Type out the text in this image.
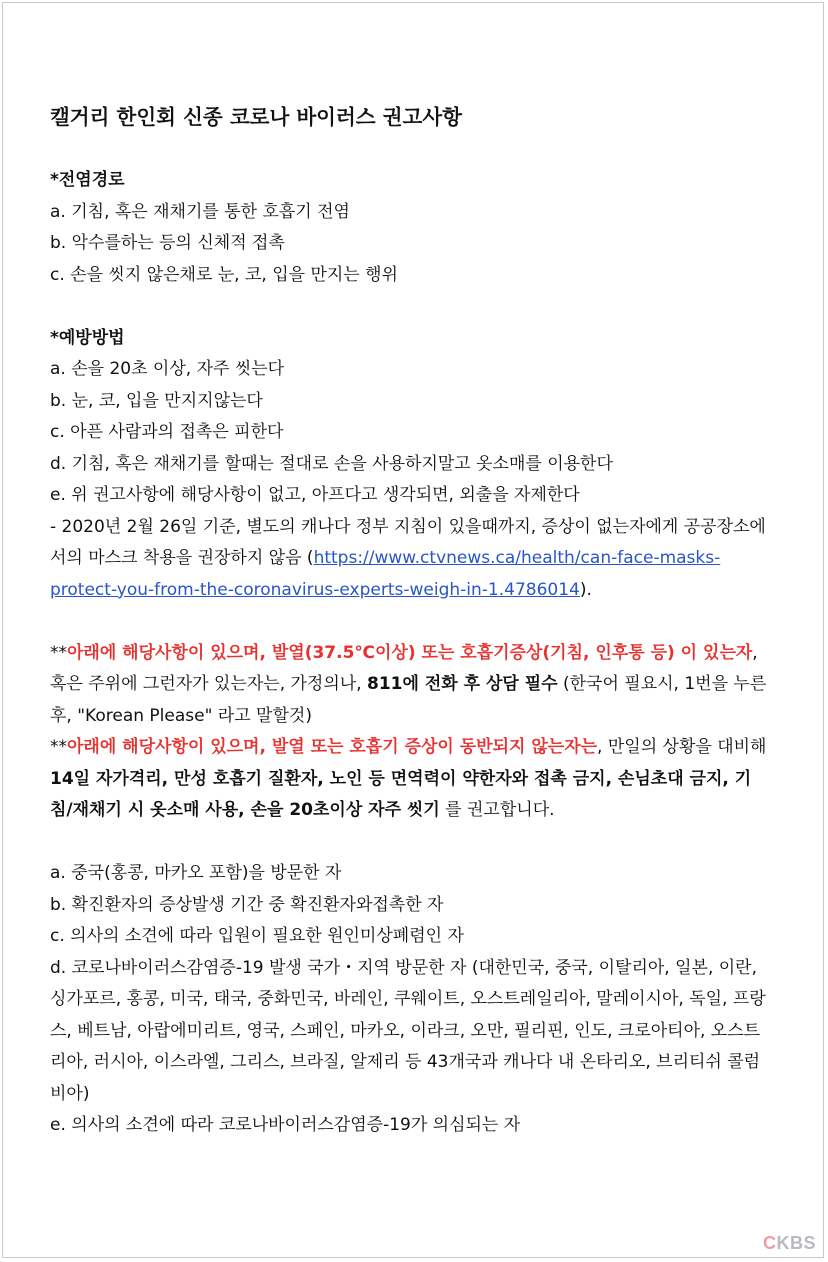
캘거리 한인회 신종 코로나 바이러스 권고사항
*전염경로
a. 기침, 혹은 재채기를 통한 호흡기 전염
b. 악수를하는 등의 신체적 접촉
c. 손을 씻지 않은채로 눈, 코, 입을 만지는 행위
*예방방법
a. 손을 20초 이상, 자주 씻는다
b. 눈, 코, 입을 만지지않는다
c. 아픈 사람과의 접촉은 피한다
d. 기침, 혹은 재채기를 할때는 절대로 손을 사용하지말고 옷소매를 이용한다
e. 위 권고사항에 해당사항이 없고, 아프다고 생각되면, 외출을 자제한다

- 2020년 2월 26일 기준, 별도의 캐나다 정부 지침이 있을때까지, 증상이 없는자에게 공공장소에서의 마스크 착용을 권장하지 않음 (https://www.ctvnews.ca/health/can-face-masks-protect-you-from-the-coronavirus-experts-weigh-in-1.4786014).

**아래에 해당사항이 있으며, 발열(37.5℃이상) 또는 호흡기증상(기침, 인후통 등) 이 있는자, 혹은 주위에 그런자가 있는자는, 가정의나, 811에 전화 후 상담 필수 (한국어 필요시, 1번을 누른 후, "Korean Please" 라고 말할것)

**아래에 해당사항이 있으며, 발열 또는 호흡기 증상이 동반되지 않는자는, 만일의 상황을 대비해 14일 자가격리, 만성 호흡기 질환자, 노인 등 면역력이 약한자와 접촉 금지, 손님초대 금지, 기침/재채기 시 옷소매 사용, 손을 20초이상 자주 씻기 를 권고합니다.

a. 중국(홍콩, 마카오 포함)을 방문한 자
b. 확진환자의 증상발생 기간 중 확진환자와접촉한 자
c. 의사의 소견에 따라 입원이 필요한 원인미상폐렴인 자

d. 코로나바이러스감염증-19 발생 국가・지역 방문한 자 (대한민국, 중국, 이탈리아, 일본, 이란, 싱가포르, 홍콩, 미국, 태국, 중화민국, 바레인, 쿠웨이트, 오스트레일리아, 말레이시아, 독일, 프랑스, 베트남, 아랍에미리트, 영국, 스페인, 마카오, 이라크, 오만, 필리핀, 인도, 크로아티아, 오스트리아, 러시아, 이스라엘, 그리스, 브라질, 알제리 등 43개국과 캐나다 내 온타리오, 브리티쉬 콜럼비아)

e. 의사의 소견에 따라 코로나바이러스감염증-19가 의심되는 자
CKBS
